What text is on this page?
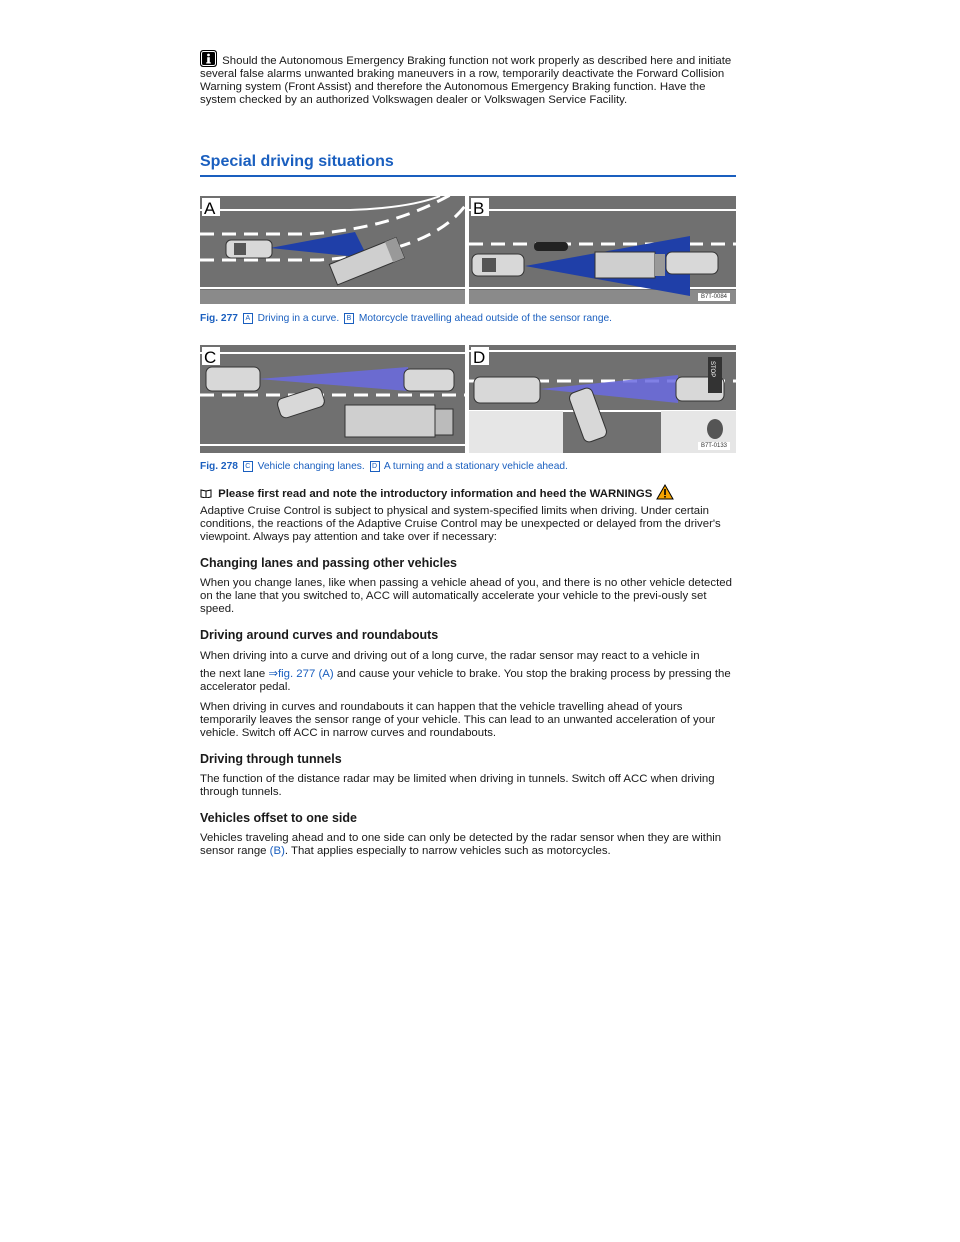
Should the Autonomous Emergency Braking function not work properly as described here and initiate several false alarms unwanted braking maneuvers in a row, temporarily deactivate the Forward Collision Warning system (Front Assist) and therefore the Autonomous Emergency Braking function. Have the system checked by an authorized Volkswagen dealer or Volkswagen Service Facility.
Special driving situations
A	B
B7T-0084
Fig. 277 A Driving in a curve. B Motorcycle travelling ahead outside of the sensor range.
C	D
STOP
B7T-0133
Fig. 278 C Vehicle changing lanes. D A turning and a stationary vehicle ahead.
Please first read and note the introductory information and heed the WARNINGS
Adaptive Cruise Control is subject to physical and system-specified limits when driving. Under certain conditions, the reactions of the Adaptive Cruise Control may be unexpected or delayed from the driver's viewpoint. Always pay attention and take over if necessary:
Changing lanes and passing other vehicles
When you change lanes, like when passing a vehicle ahead of you, and there is no other vehicle detected on the lane that you switched to, ACC will automatically accelerate your vehicle to the previ-ously set speed.
Driving around curves and roundabouts
When driving into a curve and driving out of a long curve, the radar sensor may react to a vehicle in
the next lane ⇒fig. 277 (A) and cause your vehicle to brake. You stop the braking process by pressing the accelerator pedal.
When driving in curves and roundabouts it can happen that the vehicle travelling ahead of yours temporarily leaves the sensor range of your vehicle. This can lead to an unwanted acceleration of your vehicle. Switch off ACC in narrow curves and roundabouts.
Driving through tunnels
The function of the distance radar may be limited when driving in tunnels. Switch off ACC when driving through tunnels.
Vehicles offset to one side
Vehicles traveling ahead and to one side can only be detected by the radar sensor when they are within sensor range (B). That applies especially to narrow vehicles such as motorcycles.
